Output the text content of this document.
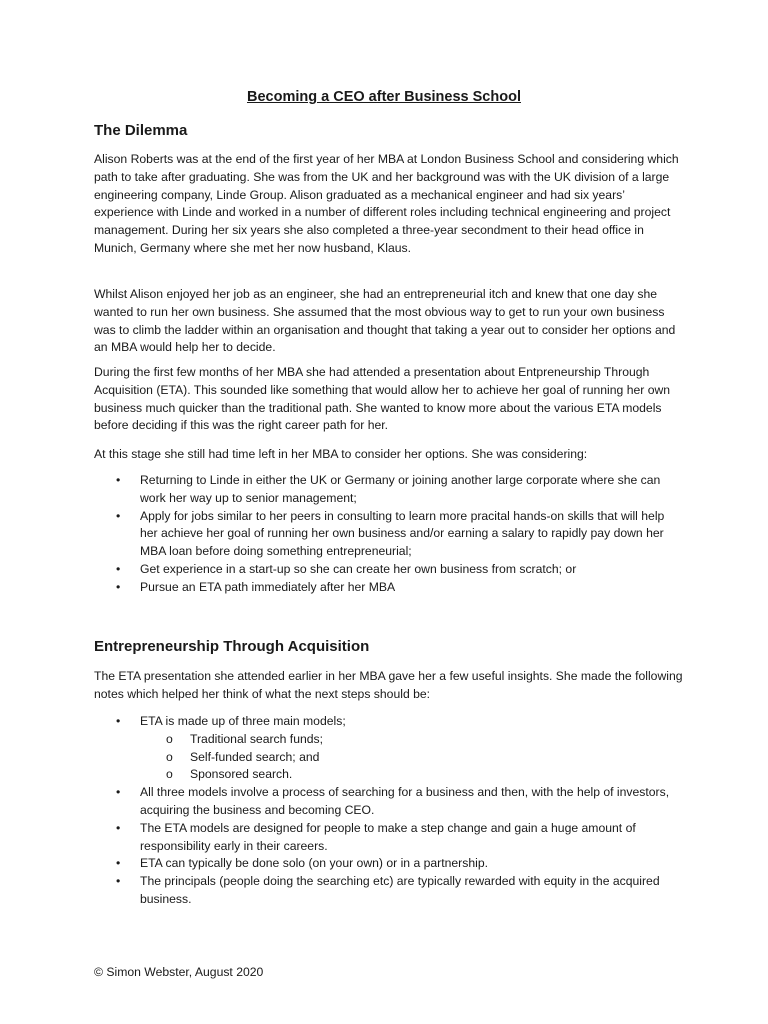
Becoming a CEO after Business School
The Dilemma

Alison Roberts was at the end of the first year of her MBA at London Business School and considering which path to take after graduating. She was from the UK and her background was with the UK division of a large engineering company, Linde Group. Alison graduated as a mechanical engineer and had six years’ experience with Linde and worked in a number of different roles including technical engineering and project management. During her six years she also completed a three-year secondment to their head office in Munich, Germany where she met her now husband, Klaus.

Whilst Alison enjoyed her job as an engineer, she had an entrepreneurial itch and knew that one day she wanted to run her own business. She assumed that the most obvious way to get to run your own business was to climb the ladder within an organisation and thought that taking a year out to consider her options and an MBA would help her to decide.

During the first few months of her MBA she had attended a presentation about Entpreneurship Through Acquisition (ETA). This sounded like something that would allow her to achieve her goal of running her own business much quicker than the traditional path. She wanted to know more about the various ETA models before deciding if this was the right career path for her.

At this stage she still had time left in her MBA to consider her options. She was considering:

• Returning to Linde in either the UK or Germany or joining another large corporate where she can work her way up to senior management;
• Apply for jobs similar to her peers in consulting to learn more pracital hands-on skills that will help her achieve her goal of running her own business and/or earning a salary to rapidly pay down her MBA loan before doing something entrepreneurial;
• Get experience in a start-up so she can create her own business from scratch; or
• Pursue an ETA path immediately after her MBA
Entrepreneurship Through Acquisition

The ETA presentation she attended earlier in her MBA gave her a few useful insights. She made the following notes which helped her think of what the next steps should be:

• ETA is made up of three main models;
o Traditional search funds;
o Self-funded search; and
o Sponsored search.
• All three models involve a process of searching for a business and then, with the help of investors, acquiring the business and becoming CEO.
• The ETA models are designed for people to make a step change and gain a huge amount of responsibility early in their careers.
• ETA can typically be done solo (on your own) or in a partnership.
• The principals (people doing the searching etc) are typically rewarded with equity in the acquired business.
© Simon Webster, August 2020
